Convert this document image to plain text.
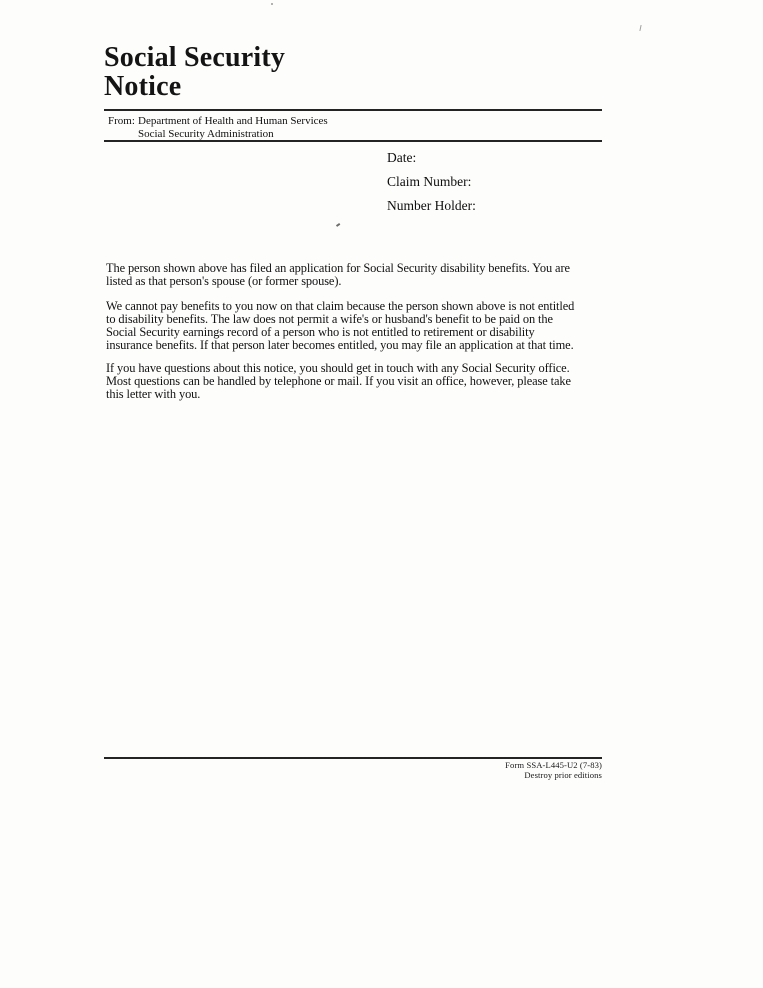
Social Security
Notice
From: Department of Health and Human Services
Social Security Administration
Date:
Claim Number:
Number Holder:
The person shown above has filed an application for Social Security disability benefits. You are
listed as that person's spouse (or former spouse).
We cannot pay benefits to you now on that claim because the person shown above is not entitled
to disability benefits. The law does not permit a wife's or husband's benefit to be paid on the
Social Security earnings record of a person who is not entitled to retirement or disability
insurance benefits. If that person later becomes entitled, you may file an application at that time.
If you have questions about this notice, you should get in touch with any Social Security office.
Most questions can be handled by telephone or mail. If you visit an office, however, please take
this letter with you.
Form SSA-L445-U2 (7-83)
Destroy prior editions
